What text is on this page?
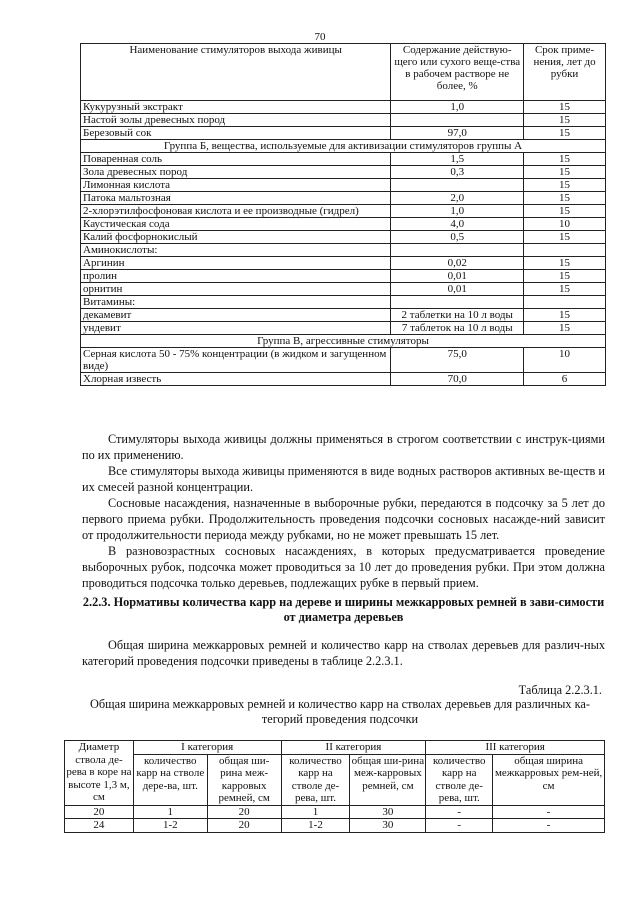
70
Наименование стимуляторов выхода живицы	Содержание действую-щего или сухого веще-ства в рабочем растворе не более, %	Срок приме-нения, лет до рубки
Кукурузный экстракт	1,0	15
Настой золы древесных пород		15
Березовый сок	97,0	15
Группа Б, вещества, используемые для активизации стимуляторов группы А		
Поваренная соль	1,5	15
Зола древесных пород	0,3	15
Лимонная кислота		15
Патока мальтозная	2,0	15
2-хлорэтилфосфоновая кислота и ее производные (гидрел)	1,0	15
Каустическая сода	4,0	10
Калий фосфорнокислый	0,5	15
Аминокислоты:		
Аргинин	0,02	15
пролин	0,01	15
орнитин	0,01	15
Витамины:		
декамевит	2 таблетки на 10 л воды	15
ундевит	7 таблеток на 10 л воды	15
Группа В, агрессивные стимуляторы		
Серная кислота 50 - 75% концентрации (в жидком и загущенном виде)	75,0	10
Хлорная известь	70,0	6

Стимуляторы выхода живицы должны применяться в строгом соответствии с инструк-циями по их применению.

Все стимуляторы выхода живицы применяются в виде водных растворов активных ве-ществ и их смесей разной концентрации.

Сосновые насаждения, назначенные в выборочные рубки, передаются в подсочку за 5 лет до первого приема рубки. Продолжительность проведения подсочки сосновых насажде-ний зависит от продолжительности периода между рубками, но не может превышать 15 лет.

В разновозрастных сосновых насаждениях, в которых предусматривается проведение выборочных рубок, подсочка может проводиться за 10 лет до проведения рубки. При этом должна проводиться подсочка только деревьев, подлежащих рубке в первый прием.

2.2.3. Нормативы количества карр на дереве и ширины межкарровых ремней в зави-симости от диаметра деревьев

Общая ширина межкарровых ремней и количество карр на стволах деревьев для различ-ных категорий проведения подсочки приведены в таблице 2.2.3.1.

Таблица 2.2.3.1.
Общая ширина межкарровых ремней и количество карр на стволах деревьев для различных ка-тегорий проведения подсочки
Диаметр ствола де-рева в коре на высоте 1,3 м, см	I категория		II категория		III категория	
	количество карр на стволе дере-ва, шт.	общая ши-рина меж-карровых ремней, см	количество карр на стволе де-рева, шт.	общая ши-рина меж-карровых ремней, см	количество карр на стволе де-рева, шт.	общая ширина межкарровых рем-ней, см
20	1	20	1	30	-	-
24	1-2	20	1-2	30	-	-
